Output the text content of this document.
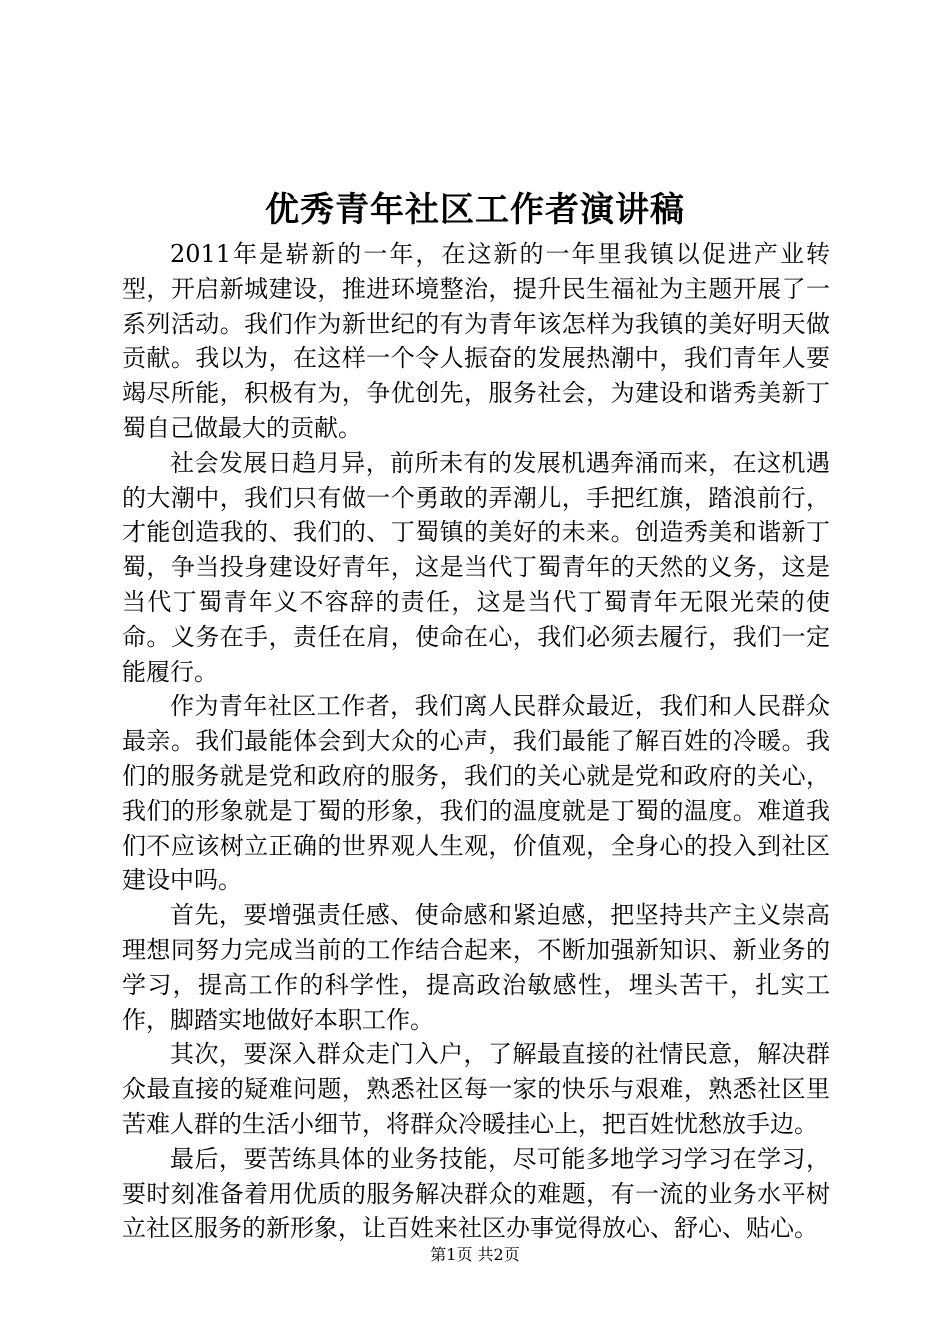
优秀青年社区工作者演讲稿

2011年是崭新的一年，在这新的一年里我镇以促进产业转型，开启新城建设，推进环境整治，提升民生福祉为主题开展了一系列活动。我们作为新世纪的有为青年该怎样为我镇的美好明天做贡献。我以为，在这样一个令人振奋的发展热潮中，我们青年人要竭尽所能，积极有为，争优创先，服务社会，为建设和谐秀美新丁蜀自己做最大的贡献。

社会发展日趋月异，前所未有的发展机遇奔涌而来，在这机遇的大潮中，我们只有做一个勇敢的弄潮儿，手把红旗，踏浪前行，才能创造我的、我们的、丁蜀镇的美好的未来。创造秀美和谐新丁蜀，争当投身建设好青年，这是当代丁蜀青年的天然的义务，这是当代丁蜀青年义不容辞的责任，这是当代丁蜀青年无限光荣的使命。义务在手，责任在肩，使命在心，我们必须去履行，我们一定能履行。

作为青年社区工作者，我们离人民群众最近，我们和人民群众最亲。我们最能体会到大众的心声，我们最能了解百姓的冷暖。我们的服务就是党和政府的服务，我们的关心就是党和政府的关心，我们的形象就是丁蜀的形象，我们的温度就是丁蜀的温度。难道我们不应该树立正确的世界观人生观，价值观，全身心的投入到社区建设中吗。

首先，要增强责任感、使命感和紧迫感，把坚持共产主义崇高理想同努力完成当前的工作结合起来，不断加强新知识、新业务的学习，提高工作的科学性，提高政治敏感性，埋头苦干，扎实工作，脚踏实地做好本职工作。

其次，要深入群众走门入户，了解最直接的社情民意，解决群众最直接的疑难问题，熟悉社区每一家的快乐与艰难，熟悉社区里苦难人群的生活小细节，将群众冷暖挂心上，把百姓忧愁放手边。

最后，要苦练具体的业务技能，尽可能多地学习学习在学习，要时刻准备着用优质的服务解决群众的难题，有一流的业务水平树立社区服务的新形象，让百姓来社区办事觉得放心、舒心、贴心。

第1页 共2页
